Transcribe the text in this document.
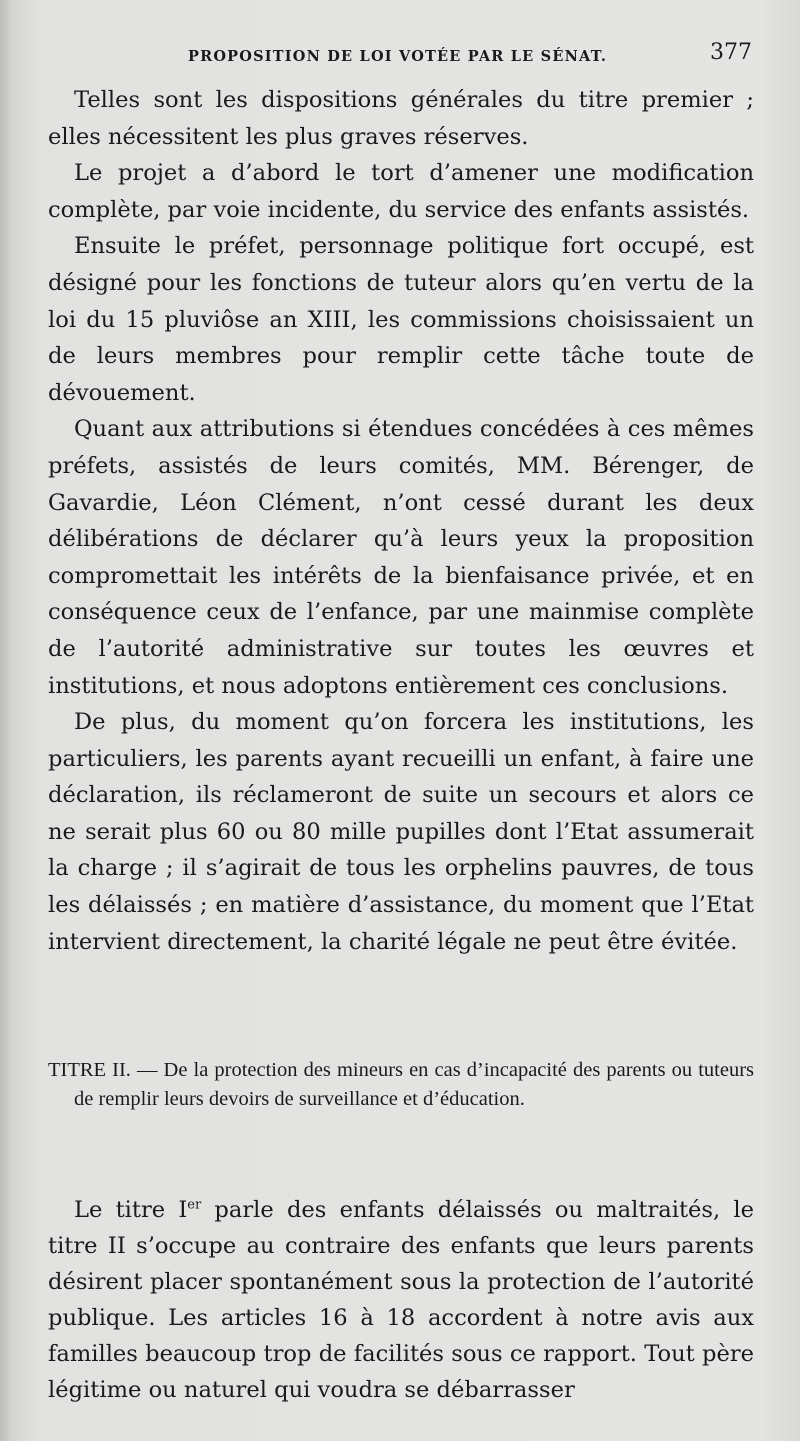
PROPOSITION DE LOI VOTÉE PAR LE SÉNAT.	377

Telles sont les dispositions générales du titre premier ; elles nécessitent les plus graves réserves.

Le projet a d’abord le tort d’amener une modification complète, par voie incidente, du service des enfants assistés.

Ensuite le préfet, personnage politique fort occupé, est désigné pour les fonctions de tuteur alors qu’en vertu de la loi du 15 pluviôse an XIII, les commissions choisissaient un de leurs membres pour remplir cette tâche toute de dévouement.

Quant aux attributions si étendues concédées à ces mêmes préfets, assistés de leurs comités, MM. Bérenger, de Gavardie, Léon Clément, n’ont cessé durant les deux délibérations de déclarer qu’à leurs yeux la proposition compromettait les intérêts de la bienfaisance privée, et en conséquence ceux de l’enfance, par une mainmise complète de l’autorité administrative sur toutes les œuvres et institutions, et nous adoptons entièrement ces conclusions.

De plus, du moment qu’on forcera les institutions, les particuliers, les parents ayant recueilli un enfant, à faire une déclaration, ils réclameront de suite un secours et alors ce ne serait plus 60 ou 80 mille pupilles dont l’Etat assumerait la charge ; il s’agirait de tous les orphelins pauvres, de tous les délaissés ; en matière d’assistance, du moment que l’Etat intervient directement, la charité légale ne peut être évitée.

TITRE II. — De la protection des mineurs en cas d’incapacité des parents ou tuteurs de remplir leurs devoirs de surveillance et d’éducation.

Le titre Ier parle des enfants délaissés ou maltraités, le titre II s’occupe au contraire des enfants que leurs parents désirent placer spontanément sous la protection de l’autorité publique. Les articles 16 à 18 accordent à notre avis aux familles beaucoup trop de facilités sous ce rapport. Tout père légitime ou naturel qui voudra se débarrasser
